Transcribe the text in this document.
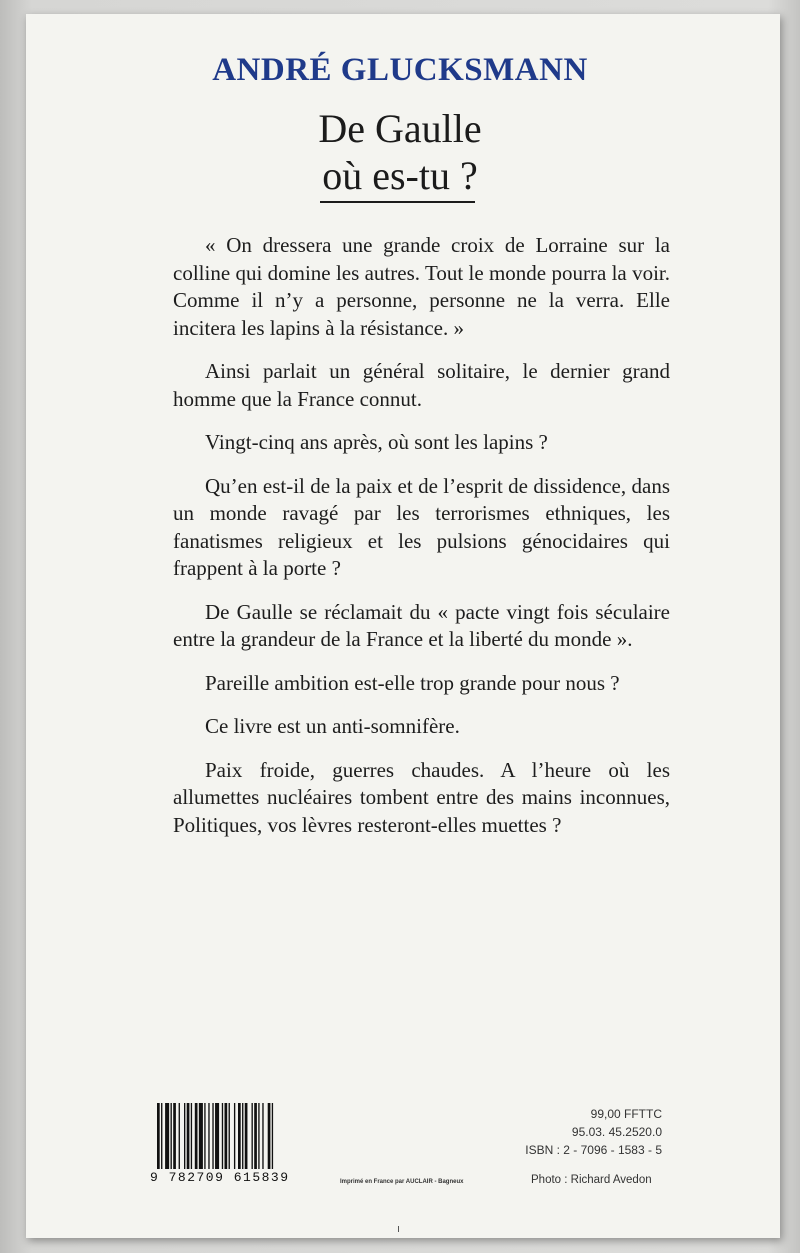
ANDRÉ GLUCKSMANN
De Gaulle
où es-tu ?

« On dressera une grande croix de Lorraine sur la colline qui domine les autres. Tout le monde pourra la voir. Comme il n’y a personne, personne ne la verra. Elle incitera les lapins à la résistance. »

Ainsi parlait un général solitaire, le dernier grand homme que la France connut.

Vingt-cinq ans après, où sont les lapins ?

Qu’en est-il de la paix et de l’esprit de dissidence, dans un monde ravagé par les terrorismes ethniques, les fanatismes religieux et les pulsions génocidaires qui frappent à la porte ?

De Gaulle se réclamait du « pacte vingt fois séculaire entre la grandeur de la France et la liberté du monde ».

Pareille ambition est-elle trop grande pour nous ?

Ce livre est un anti-somnifère.

Paix froide, guerres chaudes. A l’heure où les allumettes nucléaires tombent entre des mains inconnues, Politiques, vos lèvres resteront-elles muettes ?

9 782709 615839	Imprimé en France par AUCLAIR - Bagneux
99,00 FFTTC
95.03. 45.2520.0
ISBN : 2 - 7096 - 1583 - 5
Photo : Richard Avedon
